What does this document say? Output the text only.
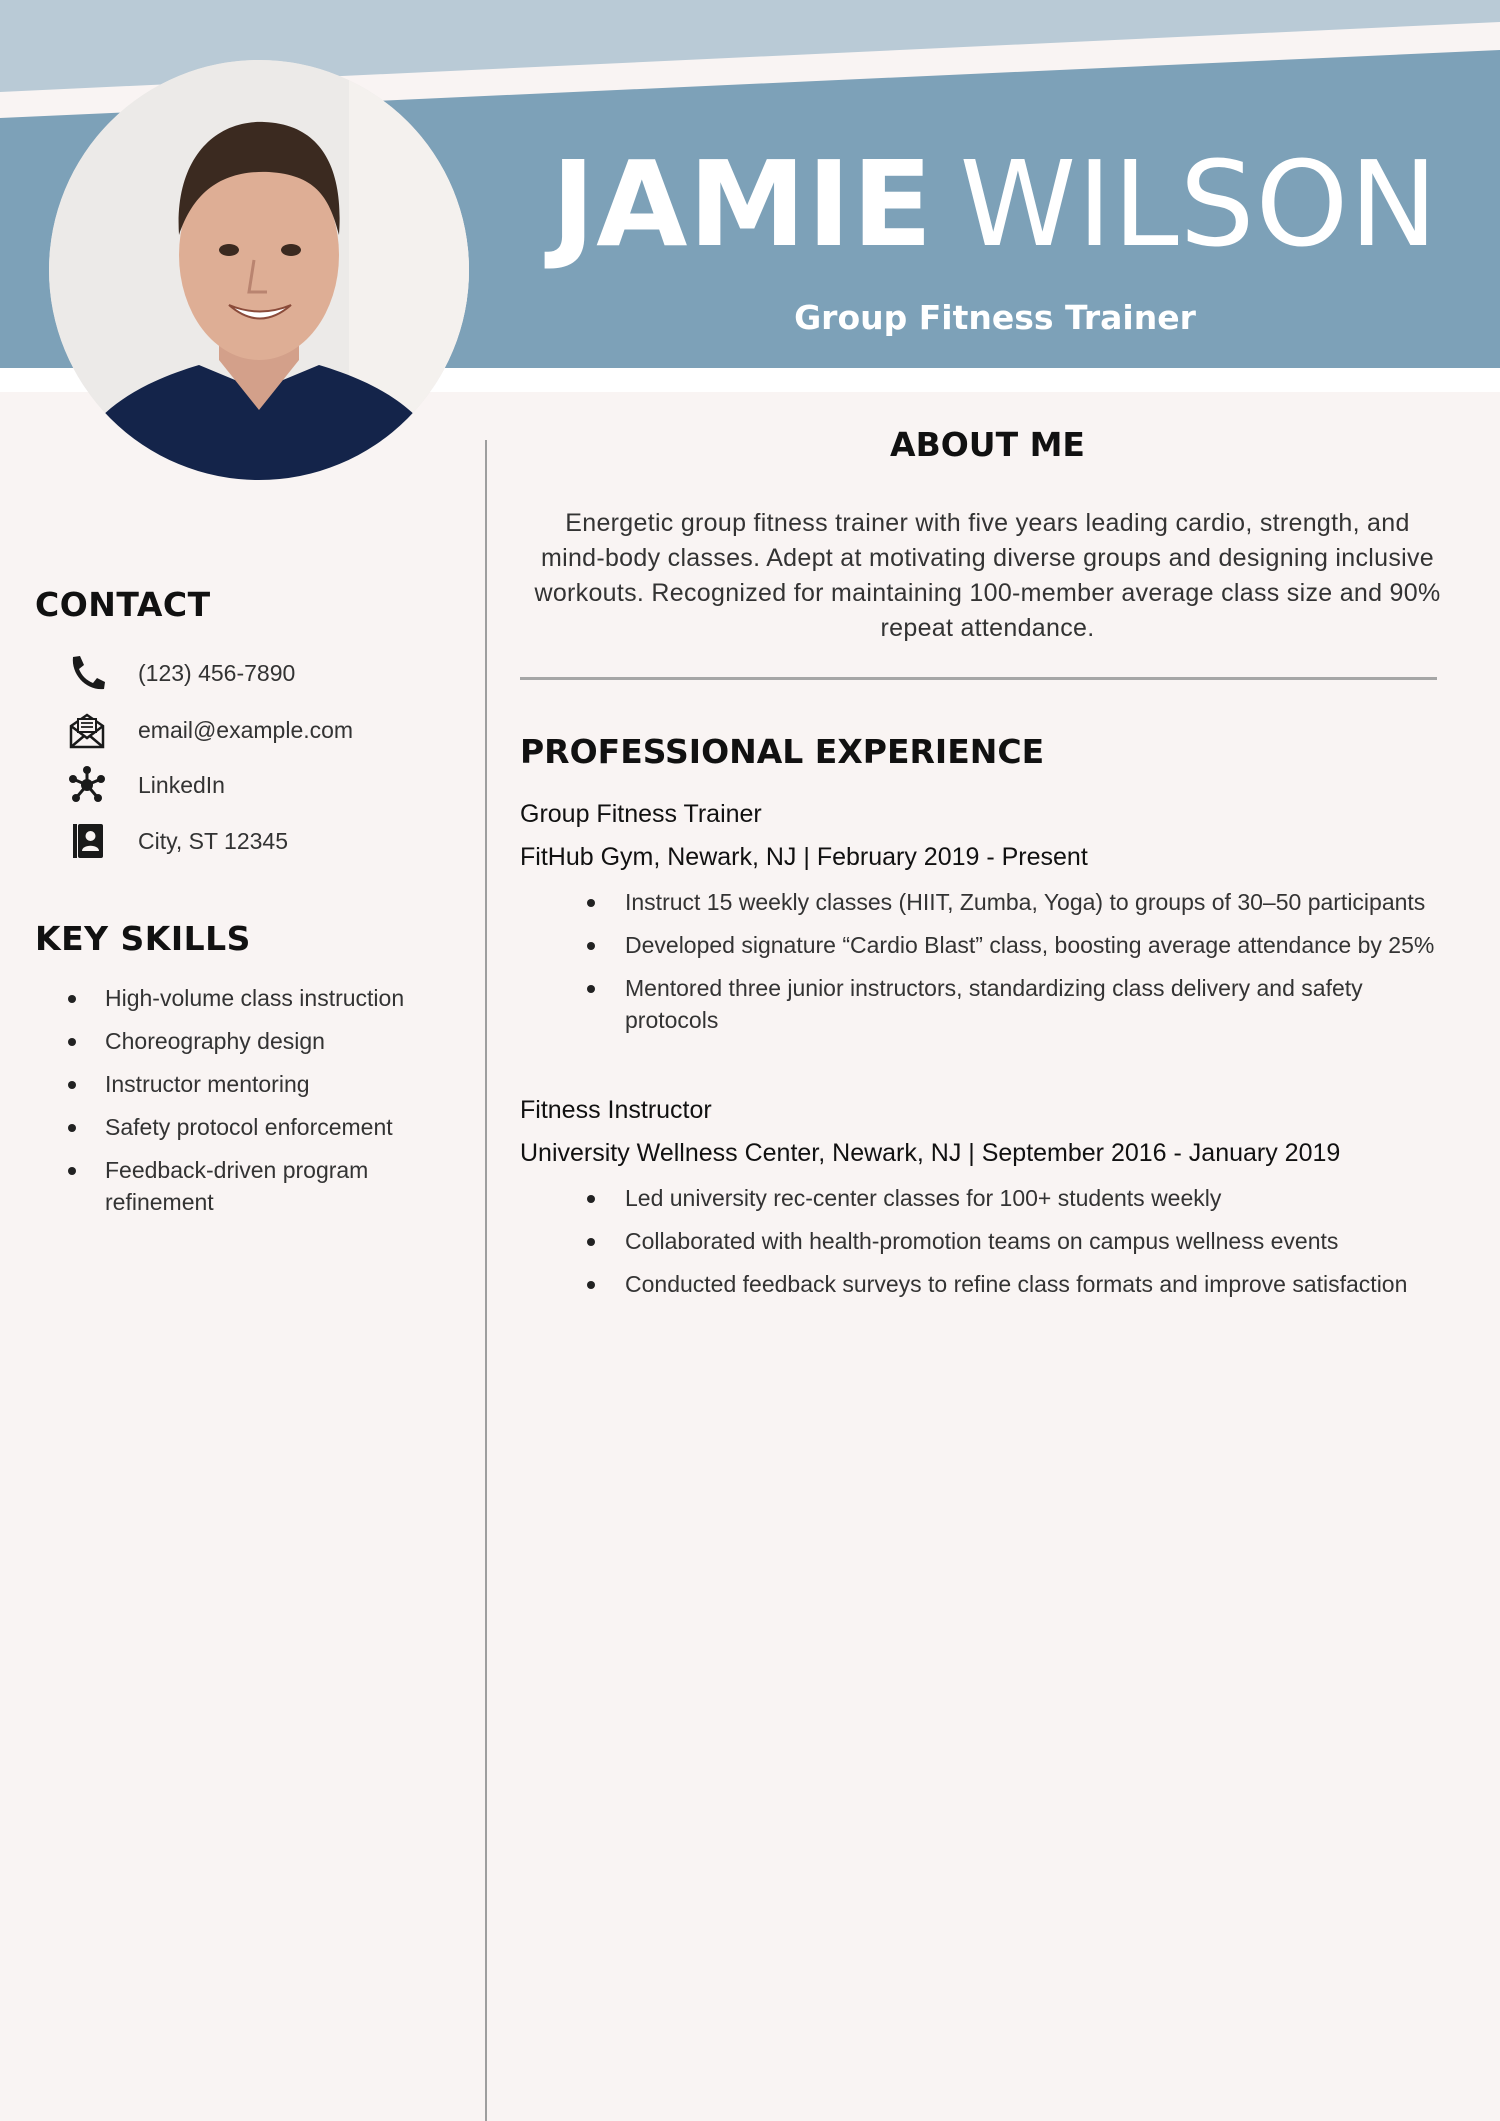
JAMIE WILSON
Group Fitness Trainer
CONTACT
(123) 456-7890
email@example.com
LinkedIn
City, ST 12345
KEY SKILLS
High-volume class instruction
Choreography design
Instructor mentoring
Safety protocol enforcement
Feedback-driven program refinement
ABOUT ME

Energetic group fitness trainer with five years leading cardio, strength, and mind-body classes. Adept at motivating diverse groups and designing inclusive workouts. Recognized for maintaining 100-member average class size and 90% repeat attendance.

PROFESSIONAL EXPERIENCE
Group Fitness Trainer
FitHub Gym, Newark, NJ | February 2019 - Present
Instruct 15 weekly classes (HIIT, Zumba, Yoga) to groups of 30–50 participants
Developed signature “Cardio Blast” class, boosting average attendance by 25%
Mentored three junior instructors, standardizing class delivery and safety protocols
Fitness Instructor
University Wellness Center, Newark, NJ | September 2016 - January 2019
Led university rec-center classes for 100+ students weekly
Collaborated with health-promotion teams on campus wellness events
Conducted feedback surveys to refine class formats and improve satisfaction
